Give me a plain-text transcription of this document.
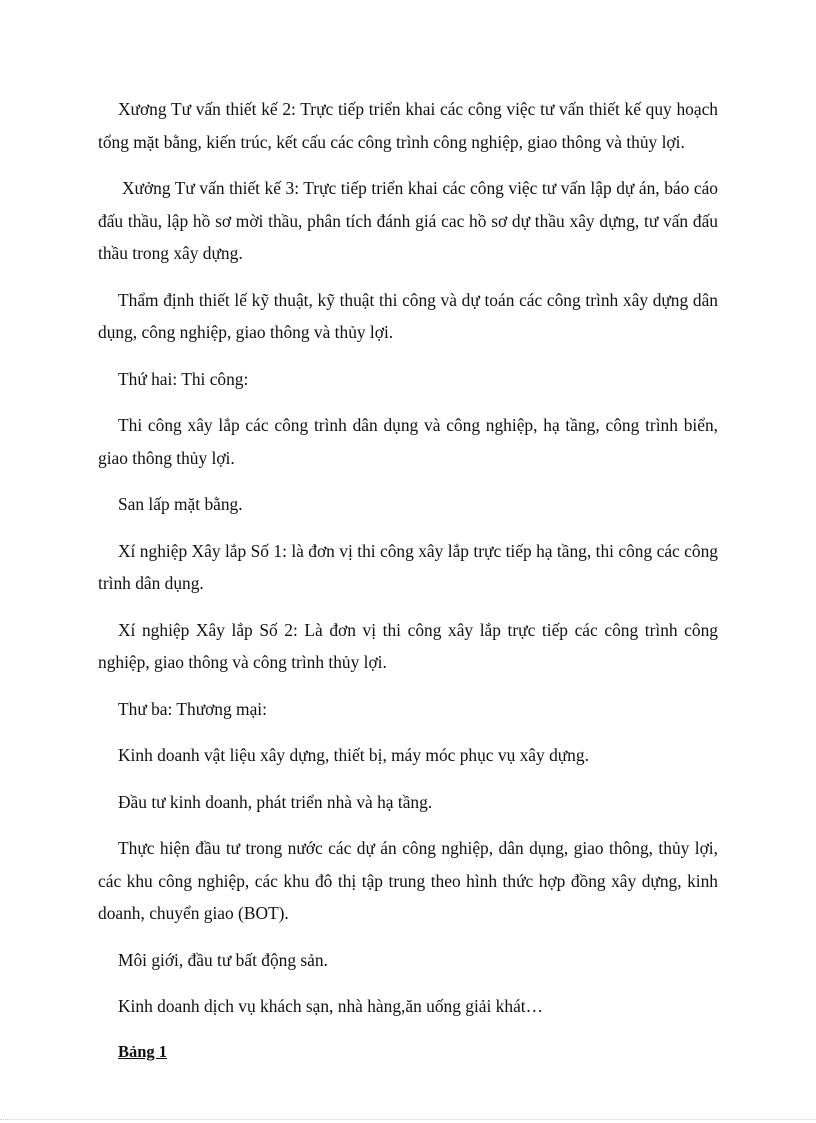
Xương Tư vấn thiết kế 2: Trực tiếp triển khai các công việc tư vấn thiết kế quy hoạch tổng mặt bằng, kiến trúc, kết cấu các công trình công nghiệp, giao thông và thủy lợi.

Xưởng Tư vấn thiết kế 3: Trực tiếp triển khai các công việc tư vấn lập dự án, báo cáo đấu thầu, lập hồ sơ mời thầu, phân tích đánh giá cac hồ sơ dự thầu xây dựng, tư vấn đấu thầu trong xây dựng.

Thẩm định thiết lế kỹ thuật, kỹ thuật thi công và dự toán các công trình xây dựng dân dụng, công nghiệp, giao thông và thủy lợi.

Thứ hai: Thi công:

Thi công xây lắp các công trình dân dụng và công nghiệp, hạ tầng, công trình biển, giao thông thủy lợi.

San lấp mặt bằng.

Xí nghiệp Xây lắp Số 1: là đơn vị thi công xây lắp trực tiếp hạ tầng, thi công các công trình dân dụng.

Xí nghiệp Xây lắp Số 2: Là đơn vị thi công xây lắp trực tiếp các công trình công nghiệp, giao thông và công trình thủy lợi.

Thư ba: Thương mại:

Kinh doanh vật liệu xây dựng, thiết bị, máy móc phục vụ xây dựng.

Đầu tư kinh doanh, phát triển nhà và hạ tầng.

Thực hiện đầu tư trong nước các dự án công nghiệp, dân dụng, giao thông, thủy lợi, các khu công nghiệp, các khu đô thị tập trung theo hình thức hợp đồng xây dựng, kinh doanh, chuyển giao (BOT).

Môi giới, đầu tư bất động sản.

Kinh doanh dịch vụ khách sạn, nhà hàng,ăn uống giải khát…

Bảng 1
